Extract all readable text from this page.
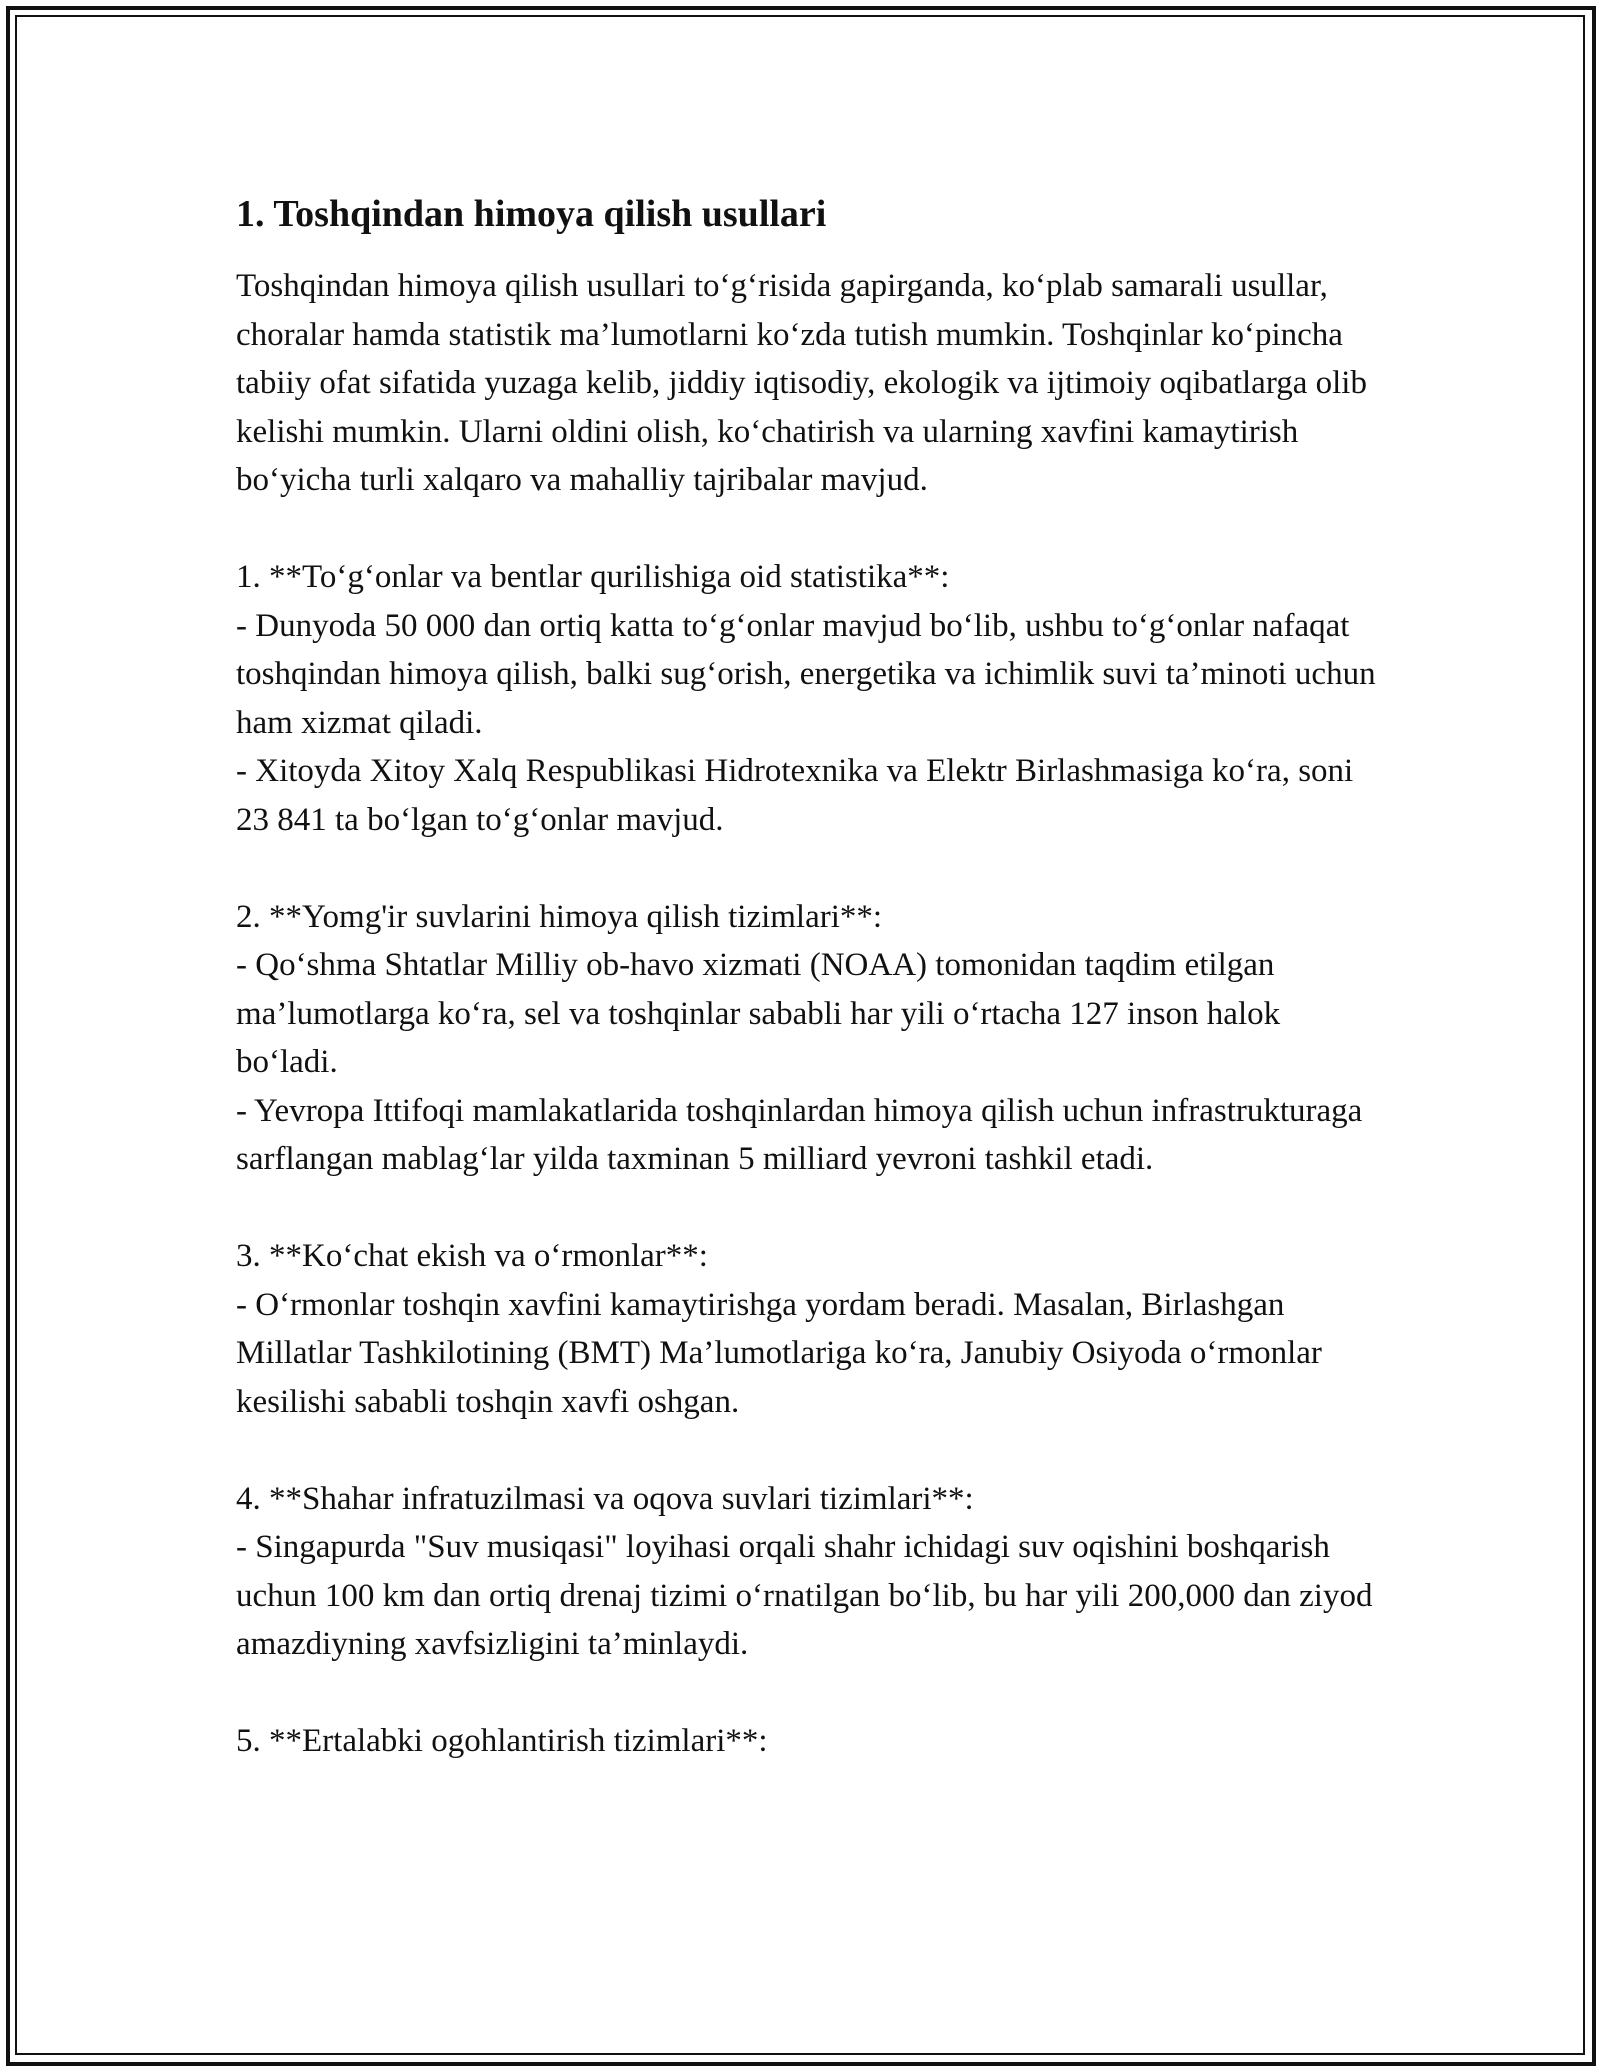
1. Toshqindan himoya qilish usullari

Toshqindan himoya qilish usullari to‘g‘risida gapirganda, ko‘plab samarali usullar, choralar hamda statistik ma’lumotlarni ko‘zda tutish mumkin. Toshqinlar ko‘pincha tabiiy ofat sifatida yuzaga kelib, jiddiy iqtisodiy, ekologik va ijtimoiy oqibatlarga olib kelishi mumkin. Ularni oldini olish, ko‘chatirish va ularning xavfini kamaytirish bo‘yicha turli xalqaro va mahalliy tajribalar mavjud.

1. **To‘g‘onlar va bentlar qurilishiga oid statistika**:

- Dunyoda 50 000 dan ortiq katta to‘g‘onlar mavjud bo‘lib, ushbu to‘g‘onlar nafaqat toshqindan himoya qilish, balki sug‘orish, energetika va ichimlik suvi ta’minoti uchun ham xizmat qiladi.

- Xitoyda Xitoy Xalq Respublikasi Hidrotexnika va Elektr Birlashmasiga ko‘ra, soni 23 841 ta bo‘lgan to‘g‘onlar mavjud.

2. **Yomg'ir suvlarini himoya qilish tizimlari**:

- Qo‘shma Shtatlar Milliy ob-havo xizmati (NOAA) tomonidan taqdim etilgan ma’lumotlarga ko‘ra, sel va toshqinlar sababli har yili o‘rtacha 127 inson halok bo‘ladi.

- Yevropa Ittifoqi mamlakatlarida toshqinlardan himoya qilish uchun infrastrukturaga sarflangan mablag‘lar yilda taxminan 5 milliard yevroni tashkil etadi.

3. **Ko‘chat ekish va o‘rmonlar**:

- O‘rmonlar toshqin xavfini kamaytirishga yordam beradi. Masalan, Birlashgan Millatlar Tashkilotining (BMT) Ma’lumotlariga ko‘ra, Janubiy Osiyoda o‘rmonlar kesilishi sababli toshqin xavfi oshgan.

4. **Shahar infratuzilmasi va oqova suvlari tizimlari**:

- Singapurda "Suv musiqasi" loyihasi orqali shahr ichidagi suv oqishini boshqarish uchun 100 km dan ortiq drenaj tizimi o‘rnatilgan bo‘lib, bu har yili 200,000 dan ziyod amazdiyning xavfsizligini ta’minlaydi.

5. **Ertalabki ogohlantirish tizimlari**:
